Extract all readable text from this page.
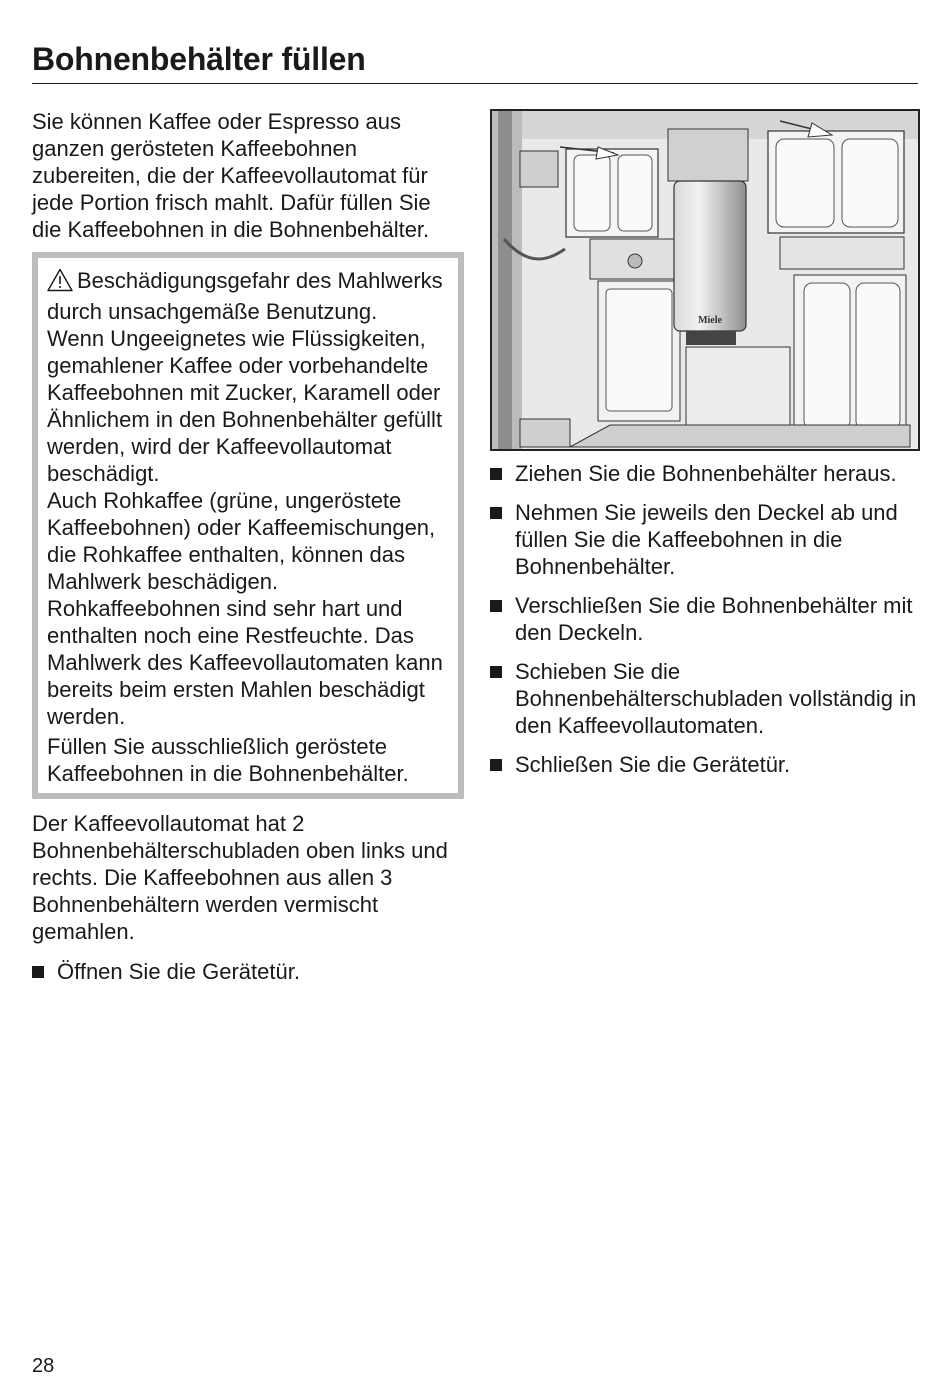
Bohnenbehälter füllen

Sie können Kaffee oder Espresso aus ganzen gerösteten Kaffeebohnen zubereiten, die der Kaffeevollautomat für jede Portion frisch mahlt. Dafür füllen Sie die Kaffeebohnen in die Bohnenbehälter.

Beschädigungsgefahr des Mahlwerks durch unsachgemäße Benutzung.

Wenn Ungeeignetes wie Flüssigkeiten, gemahlener Kaffee oder vorbehandelte Kaffeebohnen mit Zucker, Karamell oder Ähnlichem in den Bohnenbehälter gefüllt werden, wird der Kaffeevollautomat beschädigt.

Auch Rohkaffee (grüne, ungeröstete Kaffeebohnen) oder Kaffeemischungen, die Rohkaffee enthalten, können das Mahlwerk beschädigen. Rohkaffeebohnen sind sehr hart und enthalten noch eine Restfeuchte. Das Mahlwerk des Kaffeevollautomaten kann bereits beim ersten Mahlen beschädigt werden.

Füllen Sie ausschließlich geröstete Kaffeebohnen in die Bohnenbehälter.

Der Kaffeevollautomat hat 2 Bohnenbehälterschubladen oben links und rechts. Die Kaffeebohnen aus allen 3 Bohnenbehältern werden vermischt gemahlen.

Öffnen Sie die Gerätetür.
Miele
Ziehen Sie die Bohnenbehälter heraus.
Nehmen Sie jeweils den Deckel ab und füllen Sie die Kaffeebohnen in die Bohnenbehälter.
Verschließen Sie die Bohnenbehälter mit den Deckeln.
Schieben Sie die Bohnenbehälterschubladen vollständig in den Kaffeevollautomaten.
Schließen Sie die Gerätetür.
28
